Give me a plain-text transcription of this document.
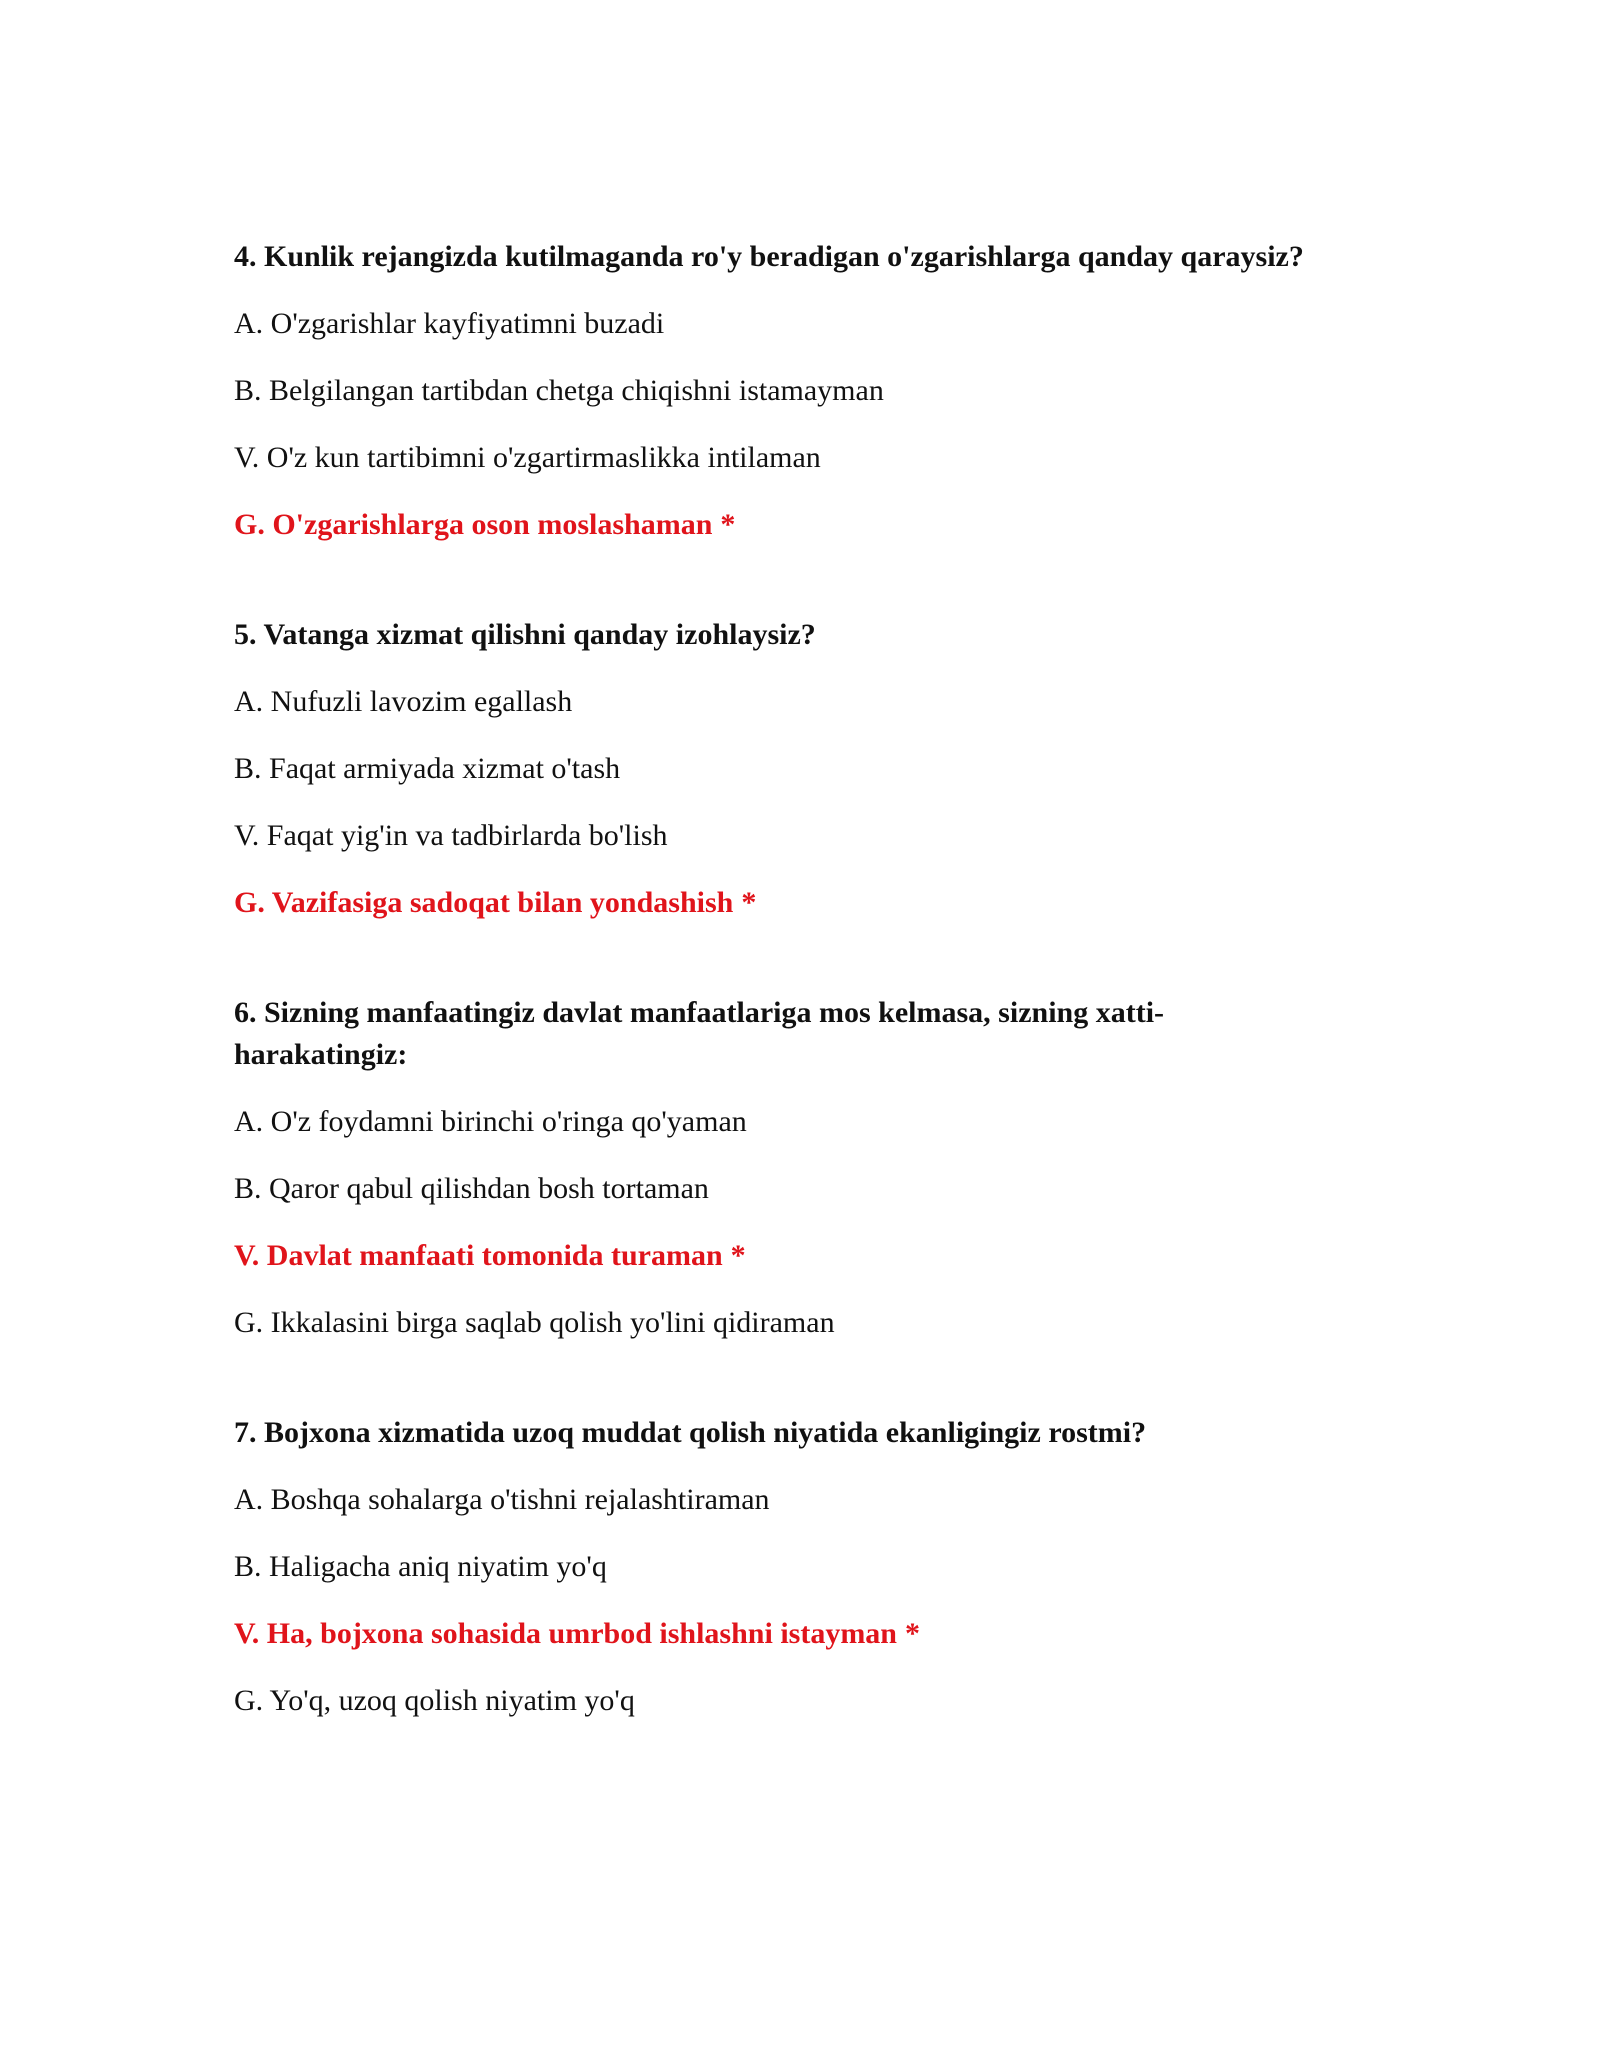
4. Kunlik rejangizda kutilmaganda ro'y beradigan o'zgarishlarga qanday qaraysiz?
A. O'zgarishlar kayfiyatimni buzadi
B. Belgilangan tartibdan chetga chiqishni istamayman
V. O'z kun tartibimni o'zgartirmaslikka intilaman
G. O'zgarishlarga oson moslashaman *
5. Vatanga xizmat qilishni qanday izohlaysiz?
A. Nufuzli lavozim egallash
B. Faqat armiyada xizmat o'tash
V. Faqat yig'in va tadbirlarda bo'lish
G. Vazifasiga sadoqat bilan yondashish *
6. Sizning manfaatingiz davlat manfaatlariga mos kelmasa, sizning xatti-harakatingiz:
A. O'z foydamni birinchi o'ringa qo'yaman
B. Qaror qabul qilishdan bosh tortaman
V. Davlat manfaati tomonida turaman *
G. Ikkalasini birga saqlab qolish yo'lini qidiraman
7. Bojxona xizmatida uzoq muddat qolish niyatida ekanligingiz rostmi?
A. Boshqa sohalarga o'tishni rejalashtiraman
B. Haligacha aniq niyatim yo'q
V. Ha, bojxona sohasida umrbod ishlashni istayman *
G. Yo'q, uzoq qolish niyatim yo'q
